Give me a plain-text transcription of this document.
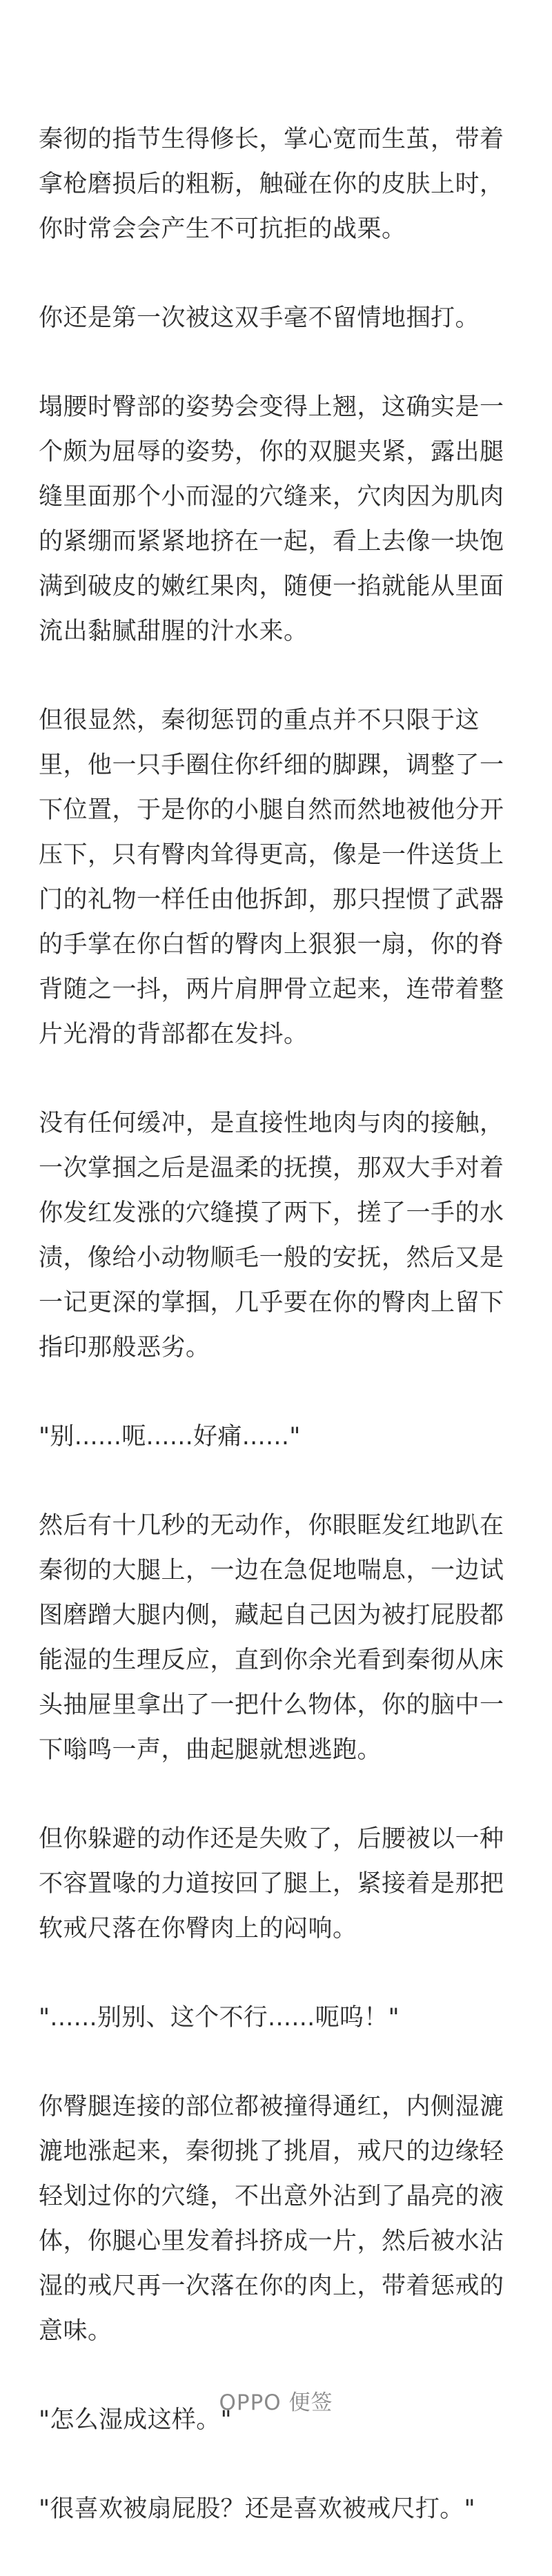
秦彻的指节生得修长，掌心宽而生茧，带着拿枪磨损后的粗粝，触碰在你的皮肤上时，你时常会会产生不可抗拒的战栗。

你还是第一次被这双手毫不留情地掴打。

塌腰时臀部的姿势会变得上翘，这确实是一个颇为屈辱的姿势，你的双腿夹紧，露出腿缝里面那个小而湿的穴缝来，穴肉因为肌肉的紧绷而紧紧地挤在一起，看上去像一块饱满到破皮的嫩红果肉，随便一掐就能从里面流出黏腻甜腥的汁水来。

但很显然，秦彻惩罚的重点并不只限于这里，他一只手圈住你纤细的脚踝，调整了一下位置，于是你的小腿自然而然地被他分开压下，只有臀肉耸得更高，像是一件送货上门的礼物一样任由他拆卸，那只捏惯了武器的手掌在你白皙的臀肉上狠狠一扇，你的脊背随之一抖，两片肩胛骨立起来，连带着整片光滑的背部都在发抖。

没有任何缓冲，是直接性地肉与肉的接触，一次掌掴之后是温柔的抚摸，那双大手对着你发红发涨的穴缝摸了两下，搓了一手的水渍，像给小动物顺毛一般的安抚，然后又是一记更深的掌掴，几乎要在你的臀肉上留下指印那般恶劣。

"别......呃......好痛......"

然后有十几秒的无动作，你眼眶发红地趴在秦彻的大腿上，一边在急促地喘息，一边试图磨蹭大腿内侧，藏起自己因为被打屁股都能湿的生理反应，直到你余光看到秦彻从床头抽屉里拿出了一把什么物体，你的脑中一下嗡鸣一声，曲起腿就想逃跑。

但你躲避的动作还是失败了，后腰被以一种不容置喙的力道按回了腿上，紧接着是那把软戒尺落在你臀肉上的闷响。

"......别别、这个不行......呃呜！"

你臀腿连接的部位都被撞得通红，内侧湿漉漉地涨起来，秦彻挑了挑眉，戒尺的边缘轻轻划过你的穴缝，不出意外沾到了晶亮的液体，你腿心里发着抖挤成一片，然后被水沾湿的戒尺再一次落在你的肉上，带着惩戒的意味。

"怎么湿成这样。"

"很喜欢被扇屁股？还是喜欢被戒尺打。"

OPPO 便签
